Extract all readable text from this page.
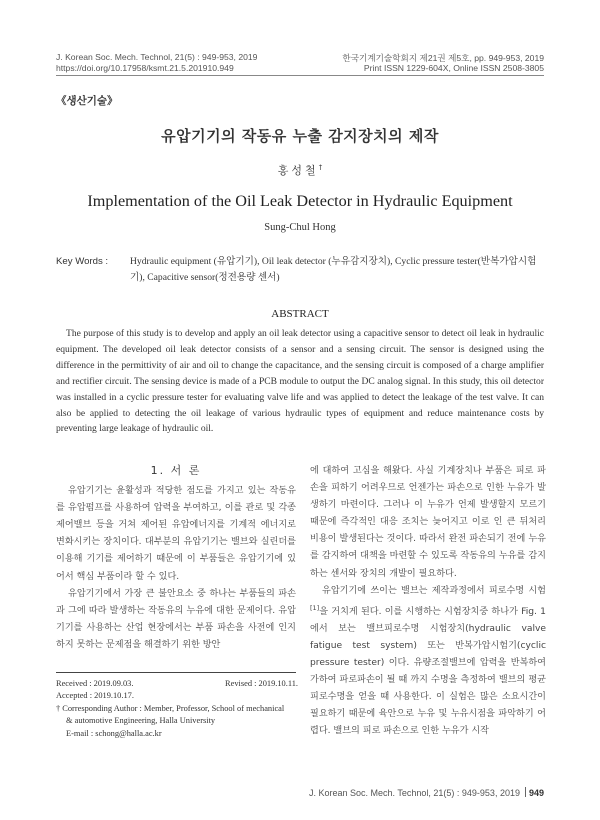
J. Korean Soc. Mech. Technol, 21(5) : 949-953, 2019
https://doi.org/10.17958/ksmt.21.5.201910.949
한국기계기술학회지 제21권 제5호, pp. 949-953, 2019
Print ISSN 1229-604X, Online ISSN 2508-3805
《생산기술》
유압기기의 작동유 누출 감지장치의 제작
홍성철†
Implementation of the Oil Leak Detector in Hydraulic Equipment
Sung-Chul Hong
Key Words : Hydraulic equipment (유압기기), Oil leak detector (누유감지장치), Cyclic pressure tester(반복가압시험기), Capacitive sensor(정전용량 센서)
ABSTRACT

The purpose of this study is to develop and apply an oil leak detector using a capacitive sensor to detect oil leak in hydraulic equipment. The developed oil leak detector consists of a sensor and a sensing circuit. The sensor is designed using the difference in the permittivity of air and oil to change the capacitance, and the sensing circuit is composed of a charge amplifier and rectifier circuit. The sensing device is made of a PCB module to output the DC analog signal. In this study, this oil detector was installed in a cyclic pressure tester for evaluating valve life and was applied to detect the leakage of the test valve. It can also be applied to detecting the oil leakage of various hydraulic types of equipment and reduce maintenance costs by preventing large leakage of hydraulic oil.

1. 서 론
유압기기는 윤활성과 적당한 점도를 가지고 있는 작동유를 유압펌프를 사용하여 압력을 부여하고, 이를 관로 및 각종 제어밸브 등을 거쳐 제어된 유압에너지를 기계적 에너지로 변화시키는 장치이다. 대부분의 유압기기는 밸브와 실린더를 이용해 기기를 제어하기 때문에 이 부품들은 유압기기에 있어서 핵심 부품이라 할 수 있다.
유압기기에서 가장 큰 불안요소 중 하나는 부품들의 파손과 그에 따라 발생하는 작동유의 누유에 대한 문제이다. 유압기기를 사용하는 산업 현장에서는 부품 파손을 사전에 인지하지 못하는 문제점을 해결하기 위한 방안
에 대하여 고심을 해왔다. 사실 기계장치나 부품은 피로 파손을 피하기 어려우므로 언젠가는 파손으로 인한 누유가 발생하기 마련이다. 그러나 이 누유가 언제 발생할지 모르기 때문에 즉각적인 대응 조치는 늦어지고 이로 인 큰 뒤처리 비용이 발생된다는 것이다. 따라서 완전 파손되기 전에 누유를 감지하여 대책을 마련할 수 있도록 작동유의 누유를 감지하는 센서와 장치의 개발이 필요하다.
유압기기에 쓰이는 밸브는 제작과정에서 피로수명 시험[1]을 거치게 된다. 이를 시행하는 시험장치중 하나가 Fig. 1에서 보는 밸브피로수명 시험장치(hydraulic valve fatigue test system) 또는 반복가압시험기(cyclic pressure tester) 이다. 유량조절밸브에 압력을 반복하여 가하여 파로파손이 될 때 까지 수명을 측정하여 밸브의 평균 피로수명을 얻을 때 사용한다. 이 실험은 많은 소요시간이 필요하기 때문에 육안으로 누유 및 누유시점을 파악하기 어렵다. 밸브의 피로 파손으로 인한 누유가 시작
Received : 2019.09.03.	Revised : 2019.10.11.
Accepted : 2019.10.17.
† Corresponding Author : Member, Professor, School of mechanical
& automotive Engineering, Halla University
E-mail : schong@halla.ac.kr
J. Korean Soc. Mech. Technol, 21(5) : 949-953, 2019 949
